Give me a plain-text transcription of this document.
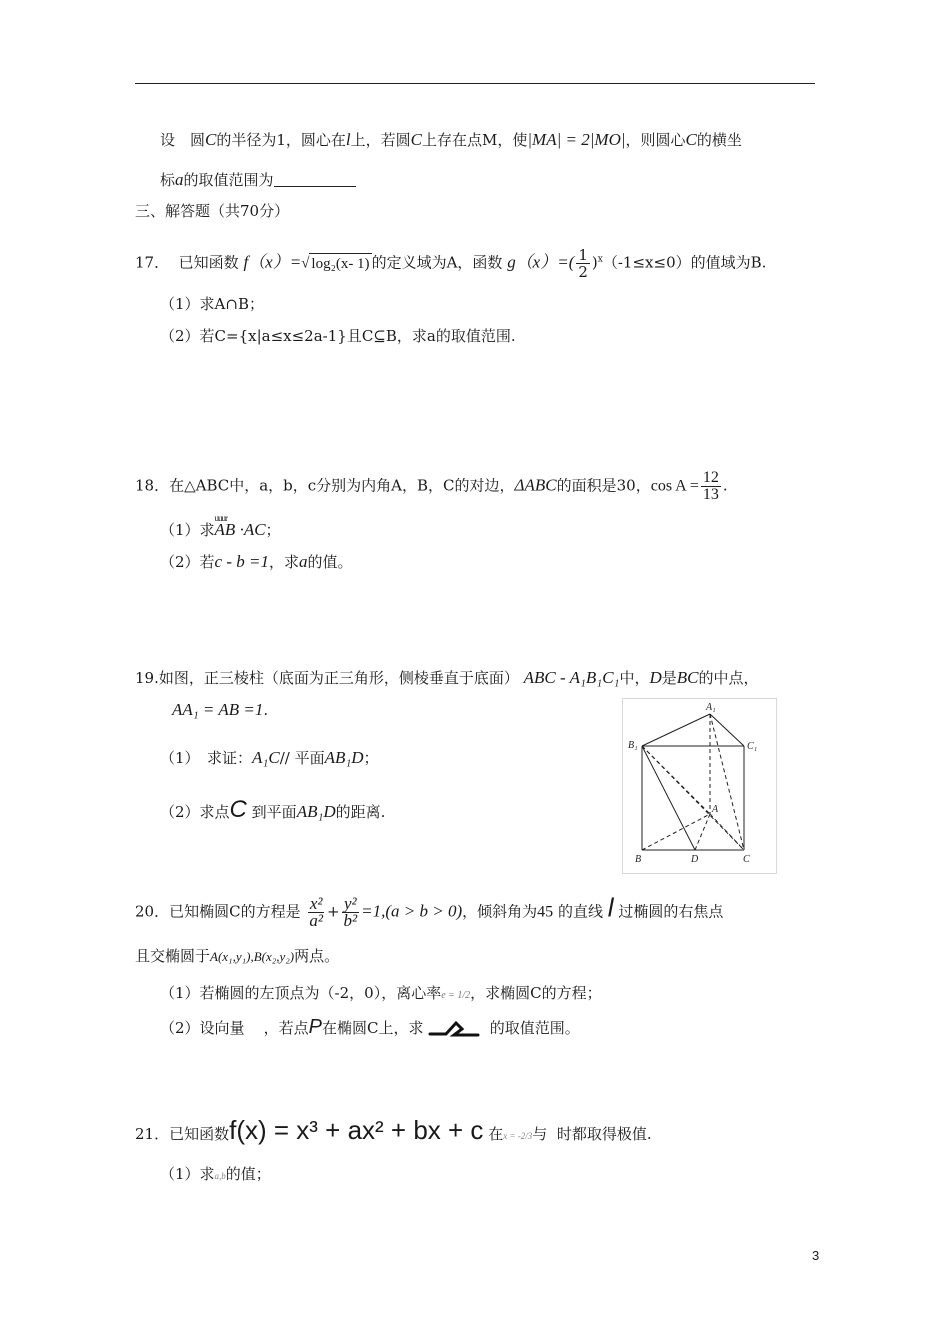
设　圆C的半径为1，圆心在l上，若圆C上存在点M，使|MA| = 2|MO|，则圆心C的横坐
标a的取值范围为
三、解答题（共70分）
17． 已知函数 f（x）=√ log₂(x- 1) 的定义域为A，函数 $g(x)=( \frac{1}{2} )^x(-1\le x\le 0)$的值域为B.
（1）求A∩B；
（2）若C={x|a≤x≤2a-1}且C⊆B，求a的取值范围.
18．在△ABC中，a，b，c分别为内角A，B，C的对边，ΔABC的面积是30，$\cos A = \frac{12}{13}$ .
（1）求uuur AB ·AC；
（2）若c - b =1，求a的值。
19.如图，正三棱柱（底面为正三角形，侧棱垂直于底面） ABC - A₁B₁C₁中，D是BC的中点，
AA₁ = AB =1.
（1）　求证：A₁C// 平面AB₁D；
（2）求点C 到平面AB₁D的距离.
A₁
B₁	C₁
A
B	D	C
20．已知椭圆C的方程是 $\frac{\text{x²}}{\text{a²}} + \frac{\text{y²}}{\text{b²}} =1,(a > b > 0)$，倾斜角为45 的直线 l 过椭圆的右焦点
且交椭圆于A(x₁,y₁),B(x₂,y₂)两点。
（1）若椭圆的左顶点为（-2，0），离心率e = 1/2，求椭圆C的方程；
（2）设向量 ，若点P在椭圆C上，求	的取值范围。
21．已知函数f(x) = x³ + ax² + bx + c 在x = -2/3与 时都取得极值.
（1）求a,b的值；
3
